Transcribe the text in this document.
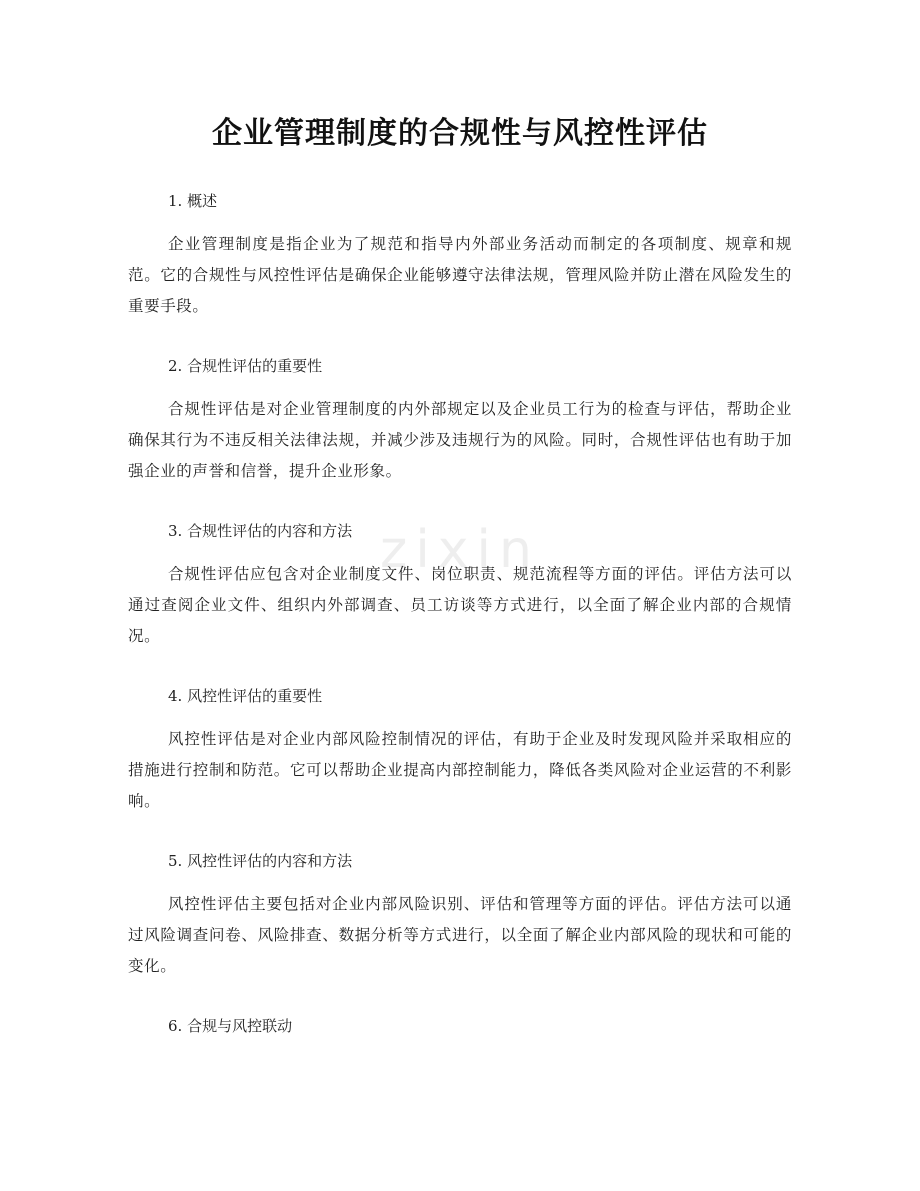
企业管理制度的合规性与风控性评估
zixin

1. 概述

企业管理制度是指企业为了规范和指导内外部业务活动而制定的各项制度、规章和规范。它的合规性与风控性评估是确保企业能够遵守法律法规，管理风险并防止潜在风险发生的重要手段。

2. 合规性评估的重要性

合规性评估是对企业管理制度的内外部规定以及企业员工行为的检查与评估，帮助企业确保其行为不违反相关法律法规，并减少涉及违规行为的风险。同时，合规性评估也有助于加强企业的声誉和信誉，提升企业形象。

3. 合规性评估的内容和方法

合规性评估应包含对企业制度文件、岗位职责、规范流程等方面的评估。评估方法可以通过查阅企业文件、组织内外部调查、员工访谈等方式进行，以全面了解企业内部的合规情况。

4. 风控性评估的重要性

风控性评估是对企业内部风险控制情况的评估，有助于企业及时发现风险并采取相应的措施进行控制和防范。它可以帮助企业提高内部控制能力，降低各类风险对企业运营的不利影响。

5. 风控性评估的内容和方法

风控性评估主要包括对企业内部风险识别、评估和管理等方面的评估。评估方法可以通过风险调查问卷、风险排查、数据分析等方式进行，以全面了解企业内部风险的现状和可能的变化。

6. 合规与风控联动
